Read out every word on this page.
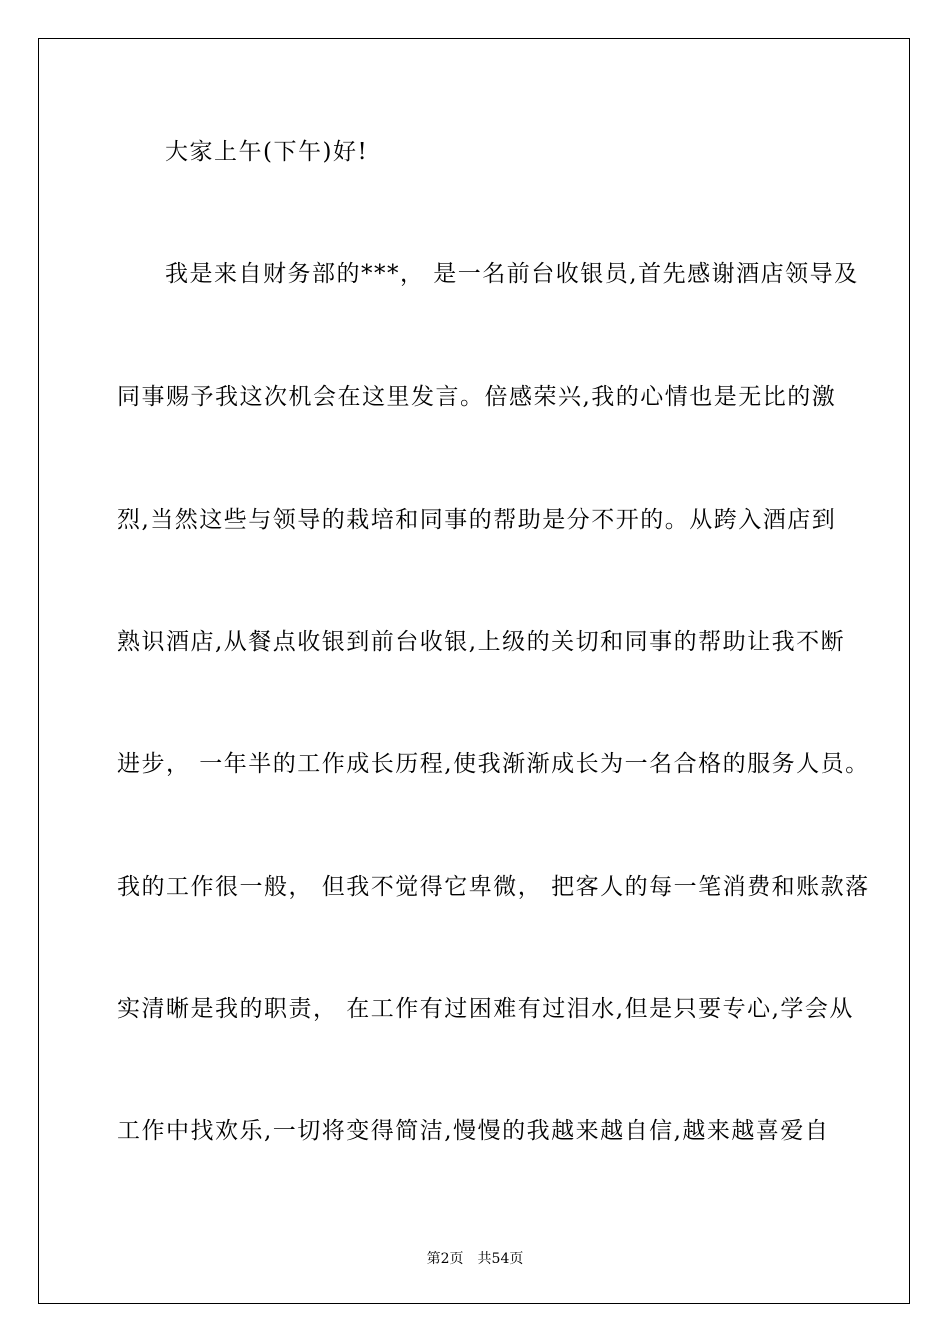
大家上午(下午)好!
我是来自财务部的***， 是一名前台收银员,首先感谢酒店领导及
同事赐予我这次机会在这里发言。倍感荣兴,我的心情也是无比的激
烈,当然这些与领导的栽培和同事的帮助是分不开的。从跨入酒店到
熟识酒店,从餐点收银到前台收银,上级的关切和同事的帮助让我不断
进步， 一年半的工作成长历程,使我渐渐成长为一名合格的服务人员。
我的工作很一般， 但我不觉得它卑微， 把客人的每一笔消费和账款落
实清晰是我的职责， 在工作有过困难有过泪水,但是只要专心,学会从
工作中找欢乐,一切将变得简洁,慢慢的我越来越自信,越来越喜爱自
第2页 共54页
